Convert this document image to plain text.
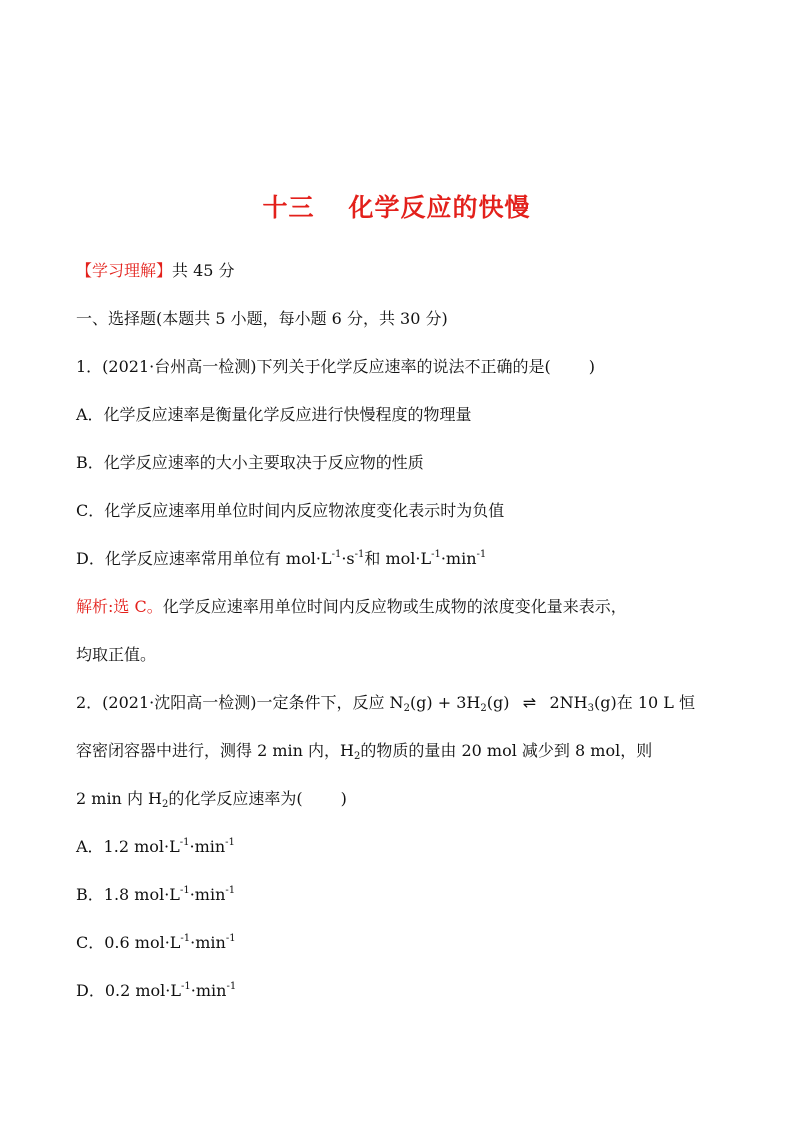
十三 化学反应的快慢
【学习理解】共 45 分
一、选择题(本题共 5 小题，每小题 6 分，共 30 分)
1．(2021·台州高一检测)下列关于化学反应速率的说法不正确的是( )
A．化学反应速率是衡量化学反应进行快慢程度的物理量
B．化学反应速率的大小主要取决于反应物的性质
C．化学反应速率用单位时间内反应物浓度变化表示时为负值
D．化学反应速率常用单位有 $mol\cdot L^{-1}\cdot s^{-1}$和 $mol\cdot L^{-1}\cdot\min^{-1}$
解析:选 C。化学反应速率用单位时间内反应物或生成物的浓度变化量来表示，
均取正值。
2．(2021·沈阳高一检测)一定条件下，反应 $N_2(g) + 3H_2(g)$ ⇌ $2NH_3(g)$在 10 L 恒
容密闭容器中进行，测得 2 min 内，$H_2$的物质的量由 20 mol 减少到 8 mol，则
2 min 内 $H_2$的化学反应速率为( )
A．1.2 $mol\cdot L^{-1}\cdot\min^{-1}$
B．1.8 $mol\cdot L^{-1}\cdot\min^{-1}$
C．0.6 $mol\cdot L^{-1}\cdot\min^{-1}$
D．0.2 $mol\cdot L^{-1}\cdot\min^{-1}$
